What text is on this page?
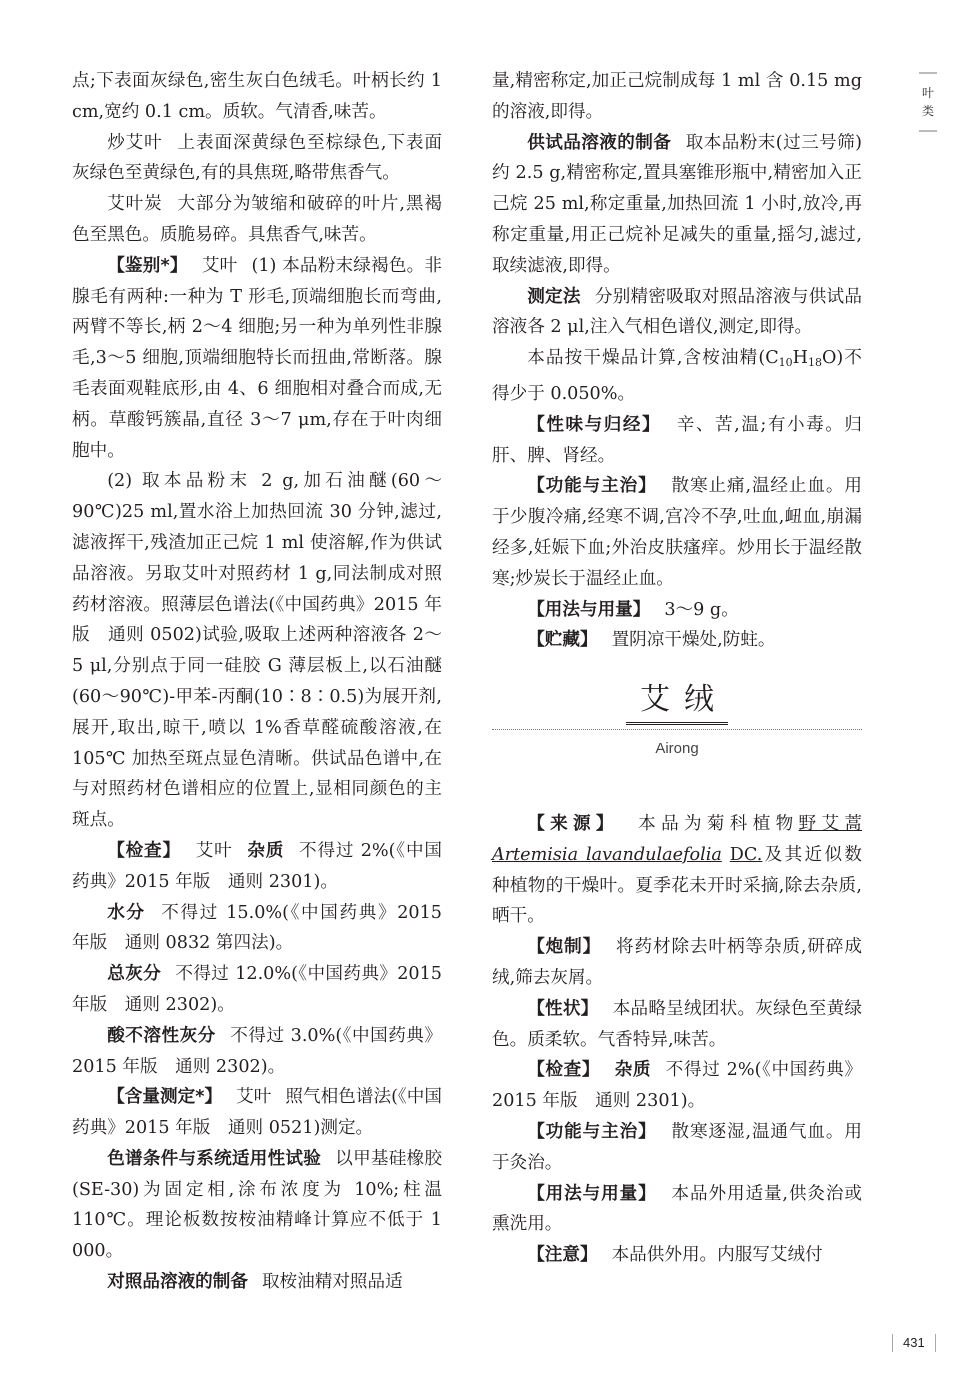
叶
类

点;下表面灰绿色,密生灰白色绒毛。叶柄长约 1 cm,宽约 0.1 cm。质软。气清香,味苦。

炒艾叶 上表面深黄绿色至棕绿色,下表面灰绿色至黄绿色,有的具焦斑,略带焦香气。

艾叶炭 大部分为皱缩和破碎的叶片,黑褐色至黑色。质脆易碎。具焦香气,味苦。

【鉴别*】 艾叶 (1) 本品粉末绿褐色。非腺毛有两种:一种为 T 形毛,顶端细胞长而弯曲,两臂不等长,柄 2～4 细胞;另一种为单列性非腺毛,3～5 细胞,顶端细胞特长而扭曲,常断落。腺毛表面观鞋底形,由 4、6 细胞相对叠合而成,无柄。草酸钙簇晶,直径 3～7 μm,存在于叶肉细胞中。

(2) 取本品粉末 2 g,加石油醚(60～90℃)25 ml,置水浴上加热回流 30 分钟,滤过,滤液挥干,残渣加正己烷 1 ml 使溶解,作为供试品溶液。另取艾叶对照药材 1 g,同法制成对照药材溶液。照薄层色谱法(《中国药典》2015 年版　通则 0502)试验,吸取上述两种溶液各 2～5 μl,分别点于同一硅胶 G 薄层板上,以石油醚(60～90℃)-甲苯-丙酮(10∶8∶0.5)为展开剂,展开,取出,晾干,喷以 1%香草醛硫酸溶液,在 105℃ 加热至斑点显色清晰。供试品色谱中,在与对照药材色谱相应的位置上,显相同颜色的主斑点。

【检查】 艾叶 杂质 不得过 2%(《中国药典》2015 年版　通则 2301)。

水分 不得过 15.0%(《中国药典》2015 年版　通则 0832 第四法)。

总灰分 不得过 12.0%(《中国药典》2015 年版　通则 2302)。

酸不溶性灰分 不得过 3.0%(《中国药典》2015 年版　通则 2302)。

【含量测定*】 艾叶 照气相色谱法(《中国药典》2015 年版　通则 0521)测定。

色谱条件与系统适用性试验 以甲基硅橡胶(SE-30)为固定相,涂布浓度为 10%;柱温 110℃。理论板数按桉油精峰计算应不低于 1 000。

对照品溶液的制备 取桉油精对照品适

量,精密称定,加正己烷制成每 1 ml 含 0.15 mg 的溶液,即得。

供试品溶液的制备 取本品粉末(过三号筛)约 2.5 g,精密称定,置具塞锥形瓶中,精密加入正己烷 25 ml,称定重量,加热回流 1 小时,放冷,再称定重量,用正己烷补足减失的重量,摇匀,滤过,取续滤液,即得。

测定法 分别精密吸取对照品溶液与供试品溶液各 2 μl,注入气相色谱仪,测定,即得。

本品按干燥品计算,含桉油精$(C_{10}H_{18}O)$不得少于 0.050%。

【性味与归经】 辛、苦,温;有小毒。归肝、脾、肾经。

【功能与主治】 散寒止痛,温经止血。用于少腹冷痛,经寒不调,宫冷不孕,吐血,衄血,崩漏经多,妊娠下血;外治皮肤瘙痒。炒用长于温经散寒;炒炭长于温经止血。

【用法与用量】 3～9 g。

【贮藏】 置阴凉干燥处,防蛀。

艾绒
Airong

【来源】 本品为菊科植物野艾蒿 Artemisia lavandulaefolia DC.及其近似数种植物的干燥叶。夏季花未开时采摘,除去杂质,晒干。

【炮制】 将药材除去叶柄等杂质,研碎成绒,筛去灰屑。

【性状】 本品略呈绒团状。灰绿色至黄绿色。质柔软。气香特异,味苦。

【检查】 杂质 不得过 2%(《中国药典》2015 年版　通则 2301)。

【功能与主治】 散寒逐湿,温通气血。用于灸治。

【用法与用量】 本品外用适量,供灸治或熏洗用。

【注意】 本品供外用。内服写艾绒付

431
